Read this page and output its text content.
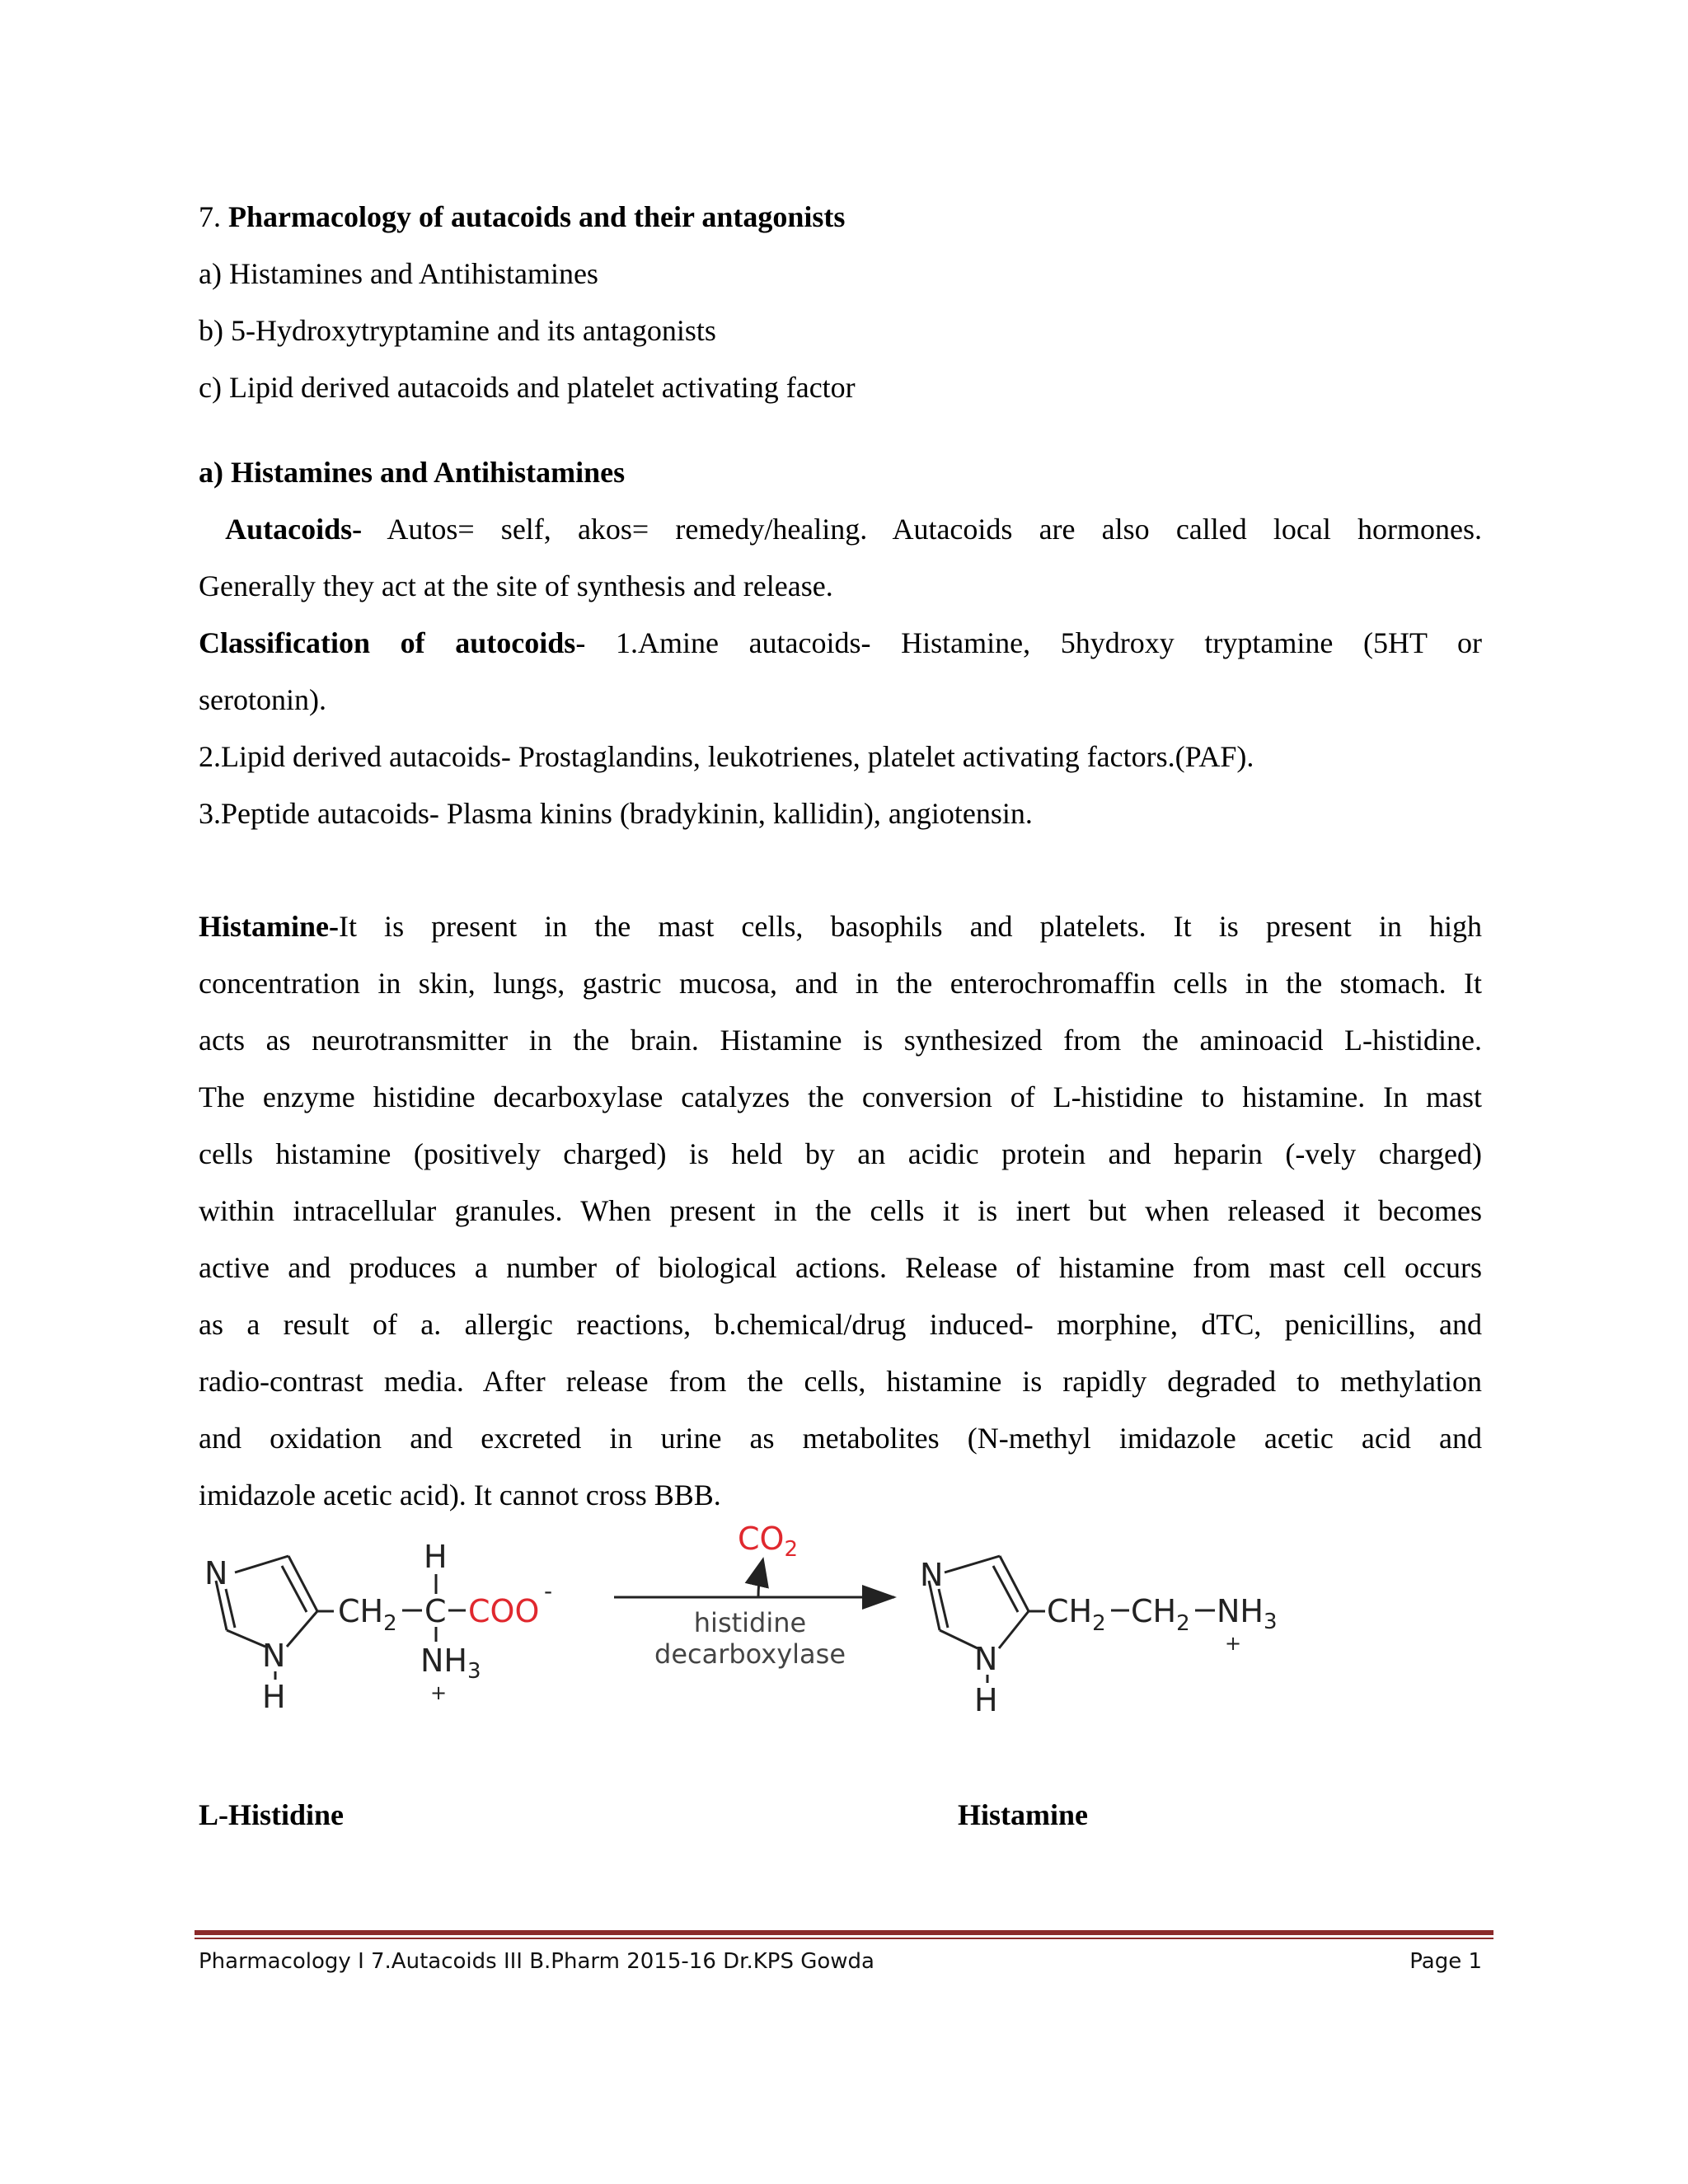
7. Pharmacology of autacoids and their antagonists
a) Histamines and Antihistamines
b) 5-Hydroxytryptamine and its antagonists
c) Lipid derived autacoids and platelet activating factor
a) Histamines and Antihistamines
Autacoids- Autos= self, akos= remedy/healing. Autacoids are also called local hormones.
Generally they act at the site of synthesis and release.
Classification of autocoids- 1.Amine autacoids- Histamine, 5hydroxy tryptamine (5HT or
serotonin).
2.Lipid derived autacoids- Prostaglandins, leukotrienes, platelet activating factors.(PAF).
3.Peptide autacoids- Plasma kinins (bradykinin, kallidin), angiotensin.

Histamine-It is present in the mast cells, basophils and platelets. It is present in high

concentration in skin, lungs, gastric mucosa, and in the enterochromaffin cells in the stomach. It

acts as neurotransmitter in the brain. Histamine is synthesized from the aminoacid L-histidine.

The enzyme histidine decarboxylase catalyzes the conversion of L-histidine to histamine. In mast

cells histamine (positively charged) is held by an acidic protein and heparin (-vely charged)

within intracellular granules. When present in the cells it is inert but when released it becomes

active and produces a number of biological actions. Release of histamine from mast cell occurs

as a result of a. allergic reactions, b.chemical/drug induced- morphine, dTC, penicillins, and

radio-contrast media. After release from the cells, histamine is rapidly degraded to methylation

and oxidation and excreted in urine as metabolites (N-methyl imidazole acetic acid and

imidazole acetic acid). It cannot cross BBB.

N
N
H
$CH_2$ C
H
COO
-
$NH_3$
+
$CO_2$
histidine
decarboxylase
N
N
H
$CH_2$ $CH_2$ $NH_3$
+
L-Histidine	Histamine
Pharmacology I 7.Autacoids III B.Pharm 2015-16 Dr.KPS Gowda	Page 1
